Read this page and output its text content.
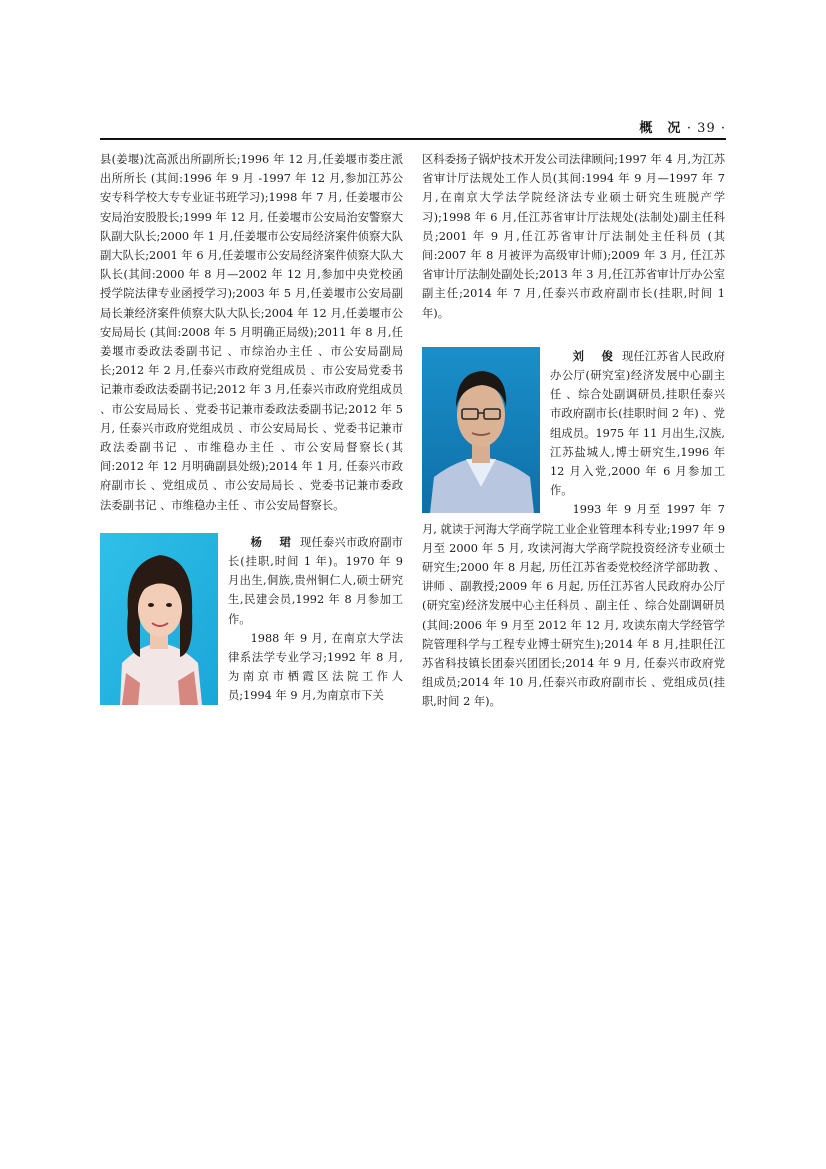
概　况 · 39 ·

县(姜堰)沈高派出所副所长;1996 年 12 月,任姜堰市娄庄派出所所长 (其间:1996 年 9 月 -1997 年 12 月,参加江苏公安专科学校大专专业证书班学习);1998 年 7 月, 任姜堰市公安局治安股股长;1999 年 12 月, 任姜堰市公安局治安警察大队副大队长;2000 年 1 月,任姜堰市公安局经济案件侦察大队副大队长;2001 年 6 月,任姜堰市公安局经济案件侦察大队大队长(其间:2000 年 8 月—2002 年 12 月,参加中央党校函授学院法律专业函授学习);2003 年 5 月,任姜堰市公安局副局长兼经济案件侦察大队大队长;2004 年 12 月,任姜堰市公安局局长 (其间:2008 年 5 月明确正局级);2011 年 8 月,任姜堰市委政法委副书记 、市综治办主任 、市公安局副局长;2012 年 2 月,任泰兴市政府党组成员 、市公安局党委书记兼市委政法委副书记;2012 年 3 月,任泰兴市政府党组成员 、市公安局局长 、党委书记兼市委政法委副书记;2012 年 5 月, 任泰兴市政府党组成员 、市公安局局长 、党委书记兼市政法委副书记 、市维稳办主任 、市公安局督察长(其间:2012 年 12 月明确副县处级);2014 年 1 月, 任泰兴市政府副市长 、党组成员 、市公安局局长 、党委书记兼市委政法委副书记 、市维稳办主任 、市公安局督察长。

杨　珺 现任泰兴市政府副市长(挂职,时间 1 年)。1970 年 9 月出生,侗族,贵州铜仁人,硕士研究生,民建会员,1992 年 8 月参加工作。

1988 年 9 月, 在南京大学法律系法学专业学习;1992 年 8 月,为南京市栖霞区法院工作人员;1994 年 9 月,为南京市下关

区科委扬子锅炉技术开发公司法律顾问;1997 年 4 月,为江苏省审计厅法规处工作人员(其间:1994 年 9 月—1997 年 7 月,在南京大学法学院经济法专业硕士研究生班脱产学习);1998 年 6 月,任江苏省审计厅法规处(法制处)副主任科员;2001 年 9 月,任江苏省审计厅法制处主任科员 (其间:2007 年 8 月被评为高级审计师);2009 年 3 月, 任江苏省审计厅法制处副处长;2013 年 3 月,任江苏省审计厅办公室副主任;2014 年 7 月,任泰兴市政府副市长(挂职,时间 1 年)。

刘　俊 现任江苏省人民政府办公厅(研究室)经济发展中心副主任 、综合处副调研员,挂职任泰兴市政府副市长(挂职时间 2 年) 、党组成员。1975 年 11 月出生,汉族,江苏盐城人,博士研究生,1996 年 12 月入党,2000 年 6 月参加工作。

1993 年 9 月至 1997 年 7 月, 就读于河海大学商学院工业企业管理本科专业;1997 年 9 月至 2000 年 5 月, 攻读河海大学商学院投资经济专业硕士研究生;2000 年 8 月起, 历任江苏省委党校经济学部助教 、讲师 、副教授;2009 年 6 月起, 历任江苏省人民政府办公厅(研究室)经济发展中心主任科员 、副主任 、综合处副调研员(其间:2006 年 9 月至 2012 年 12 月, 攻读东南大学经管学院管理科学与工程专业博士研究生);2014 年 8 月,挂职任江苏省科技镇长团泰兴团团长;2014 年 9 月, 任泰兴市政府党组成员;2014 年 10 月,任泰兴市政府副市长 、党组成员(挂职,时间 2 年)。
